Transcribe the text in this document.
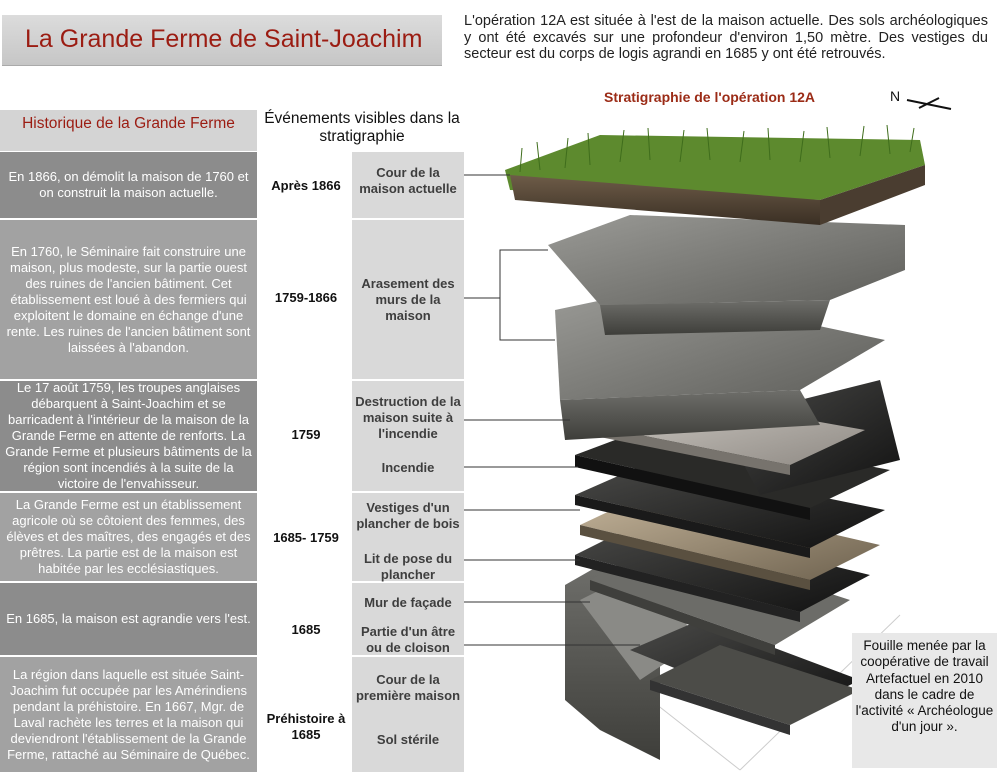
La Grande Ferme de Saint-Joachim
L'opération 12A est située à l'est de la maison actuelle. Des sols archéologiques y ont été excavés sur une profondeur d'environ 1,50 mètre. Des vestiges du secteur est du corps de logis agrandi en 1685 y ont été retrouvés.
Stratigraphie de l'opération 12A	N
Historique de la Grande Ferme	Événements visibles dans la stratigraphie
En 1866, on démolit la maison de 1760 et on construit la maison actuelle.
En 1760, le Séminaire fait construire une maison, plus modeste, sur la partie ouest des ruines de l'ancien bâtiment. Cet établissement est loué à des fermiers qui exploitent le domaine en échange d'une rente. Les ruines de l'ancien bâtiment sont laissées à l'abandon.
Le 17 août 1759, les troupes anglaises débarquent à Saint-Joachim et se barricadent à l'intérieur de la maison de la Grande Ferme en attente de renforts. La Grande Ferme et plusieurs bâtiments de la région sont incendiés à la suite de la victoire de l'envahisseur.
La Grande Ferme est un établissement agricole où se côtoient des femmes, des élèves et des maîtres, des engagés et des prêtres. La partie est de la maison est habitée par les ecclésiastiques.
En 1685, la maison est agrandie vers l'est.
La région dans laquelle est située Saint-Joachim fut occupée par les Amérindiens pendant la préhistoire. En 1667, Mgr. de Laval rachète les terres et la maison qui deviendront l'établissement de la Grande Ferme, rattaché au Séminaire de Québec.
Après 1866
1759-1866
1759
1685- 1759
1685
Préhistoire à 1685
Cour de la maison actuelle
Arasement des murs de la maison
Destruction de la maison suite à l'incendie
Incendie
Vestiges d'un plancher de bois
Lit de pose du plancher
Mur de façade
Partie d'un âtre ou de cloison
Cour de la première maison
Sol stérile
Fouille menée par la coopérative de travail Artefactuel en 2010 dans le cadre de l'activité « Archéologue d'un jour ».
